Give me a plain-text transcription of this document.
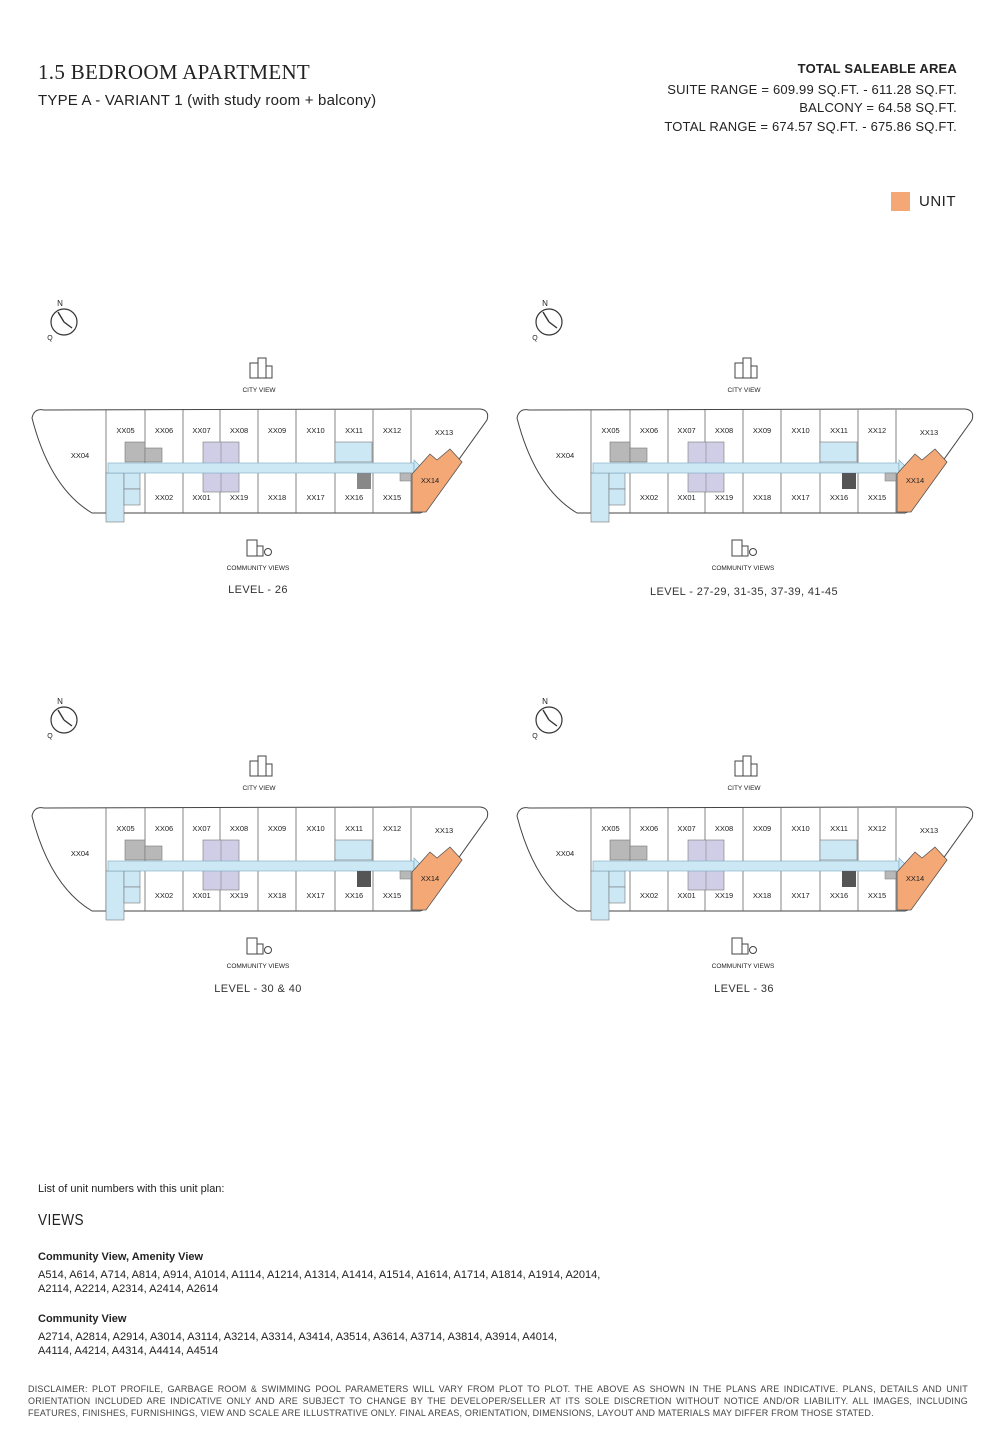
1.5 BEDROOM APARTMENT
TYPE A - VARIANT 1 (with study room + balcony)
TOTAL SALEABLE AREA
SUITE RANGE = 609.99 SQ.FT. - 611.28 SQ.FT.
BALCONY = 64.58 SQ.FT.
TOTAL RANGE = 674.57 SQ.FT. - 675.86 SQ.FT.
UNIT
N
Q
CITY VIEW
XX05	XX06	XX07	XX08	XX09	XX10	XX11	XX12	XX13
XX04
XX02	XX01	XX19	XX18	XX17	XX16	XX15
XX14
COMMUNITY VIEWS
N
Q
CITY VIEW
XX05	XX06	XX07	XX08	XX09	XX10	XX11	XX12	XX13
XX04
XX02	XX01	XX19	XX18	XX17	XX16	XX15
XX14
COMMUNITY VIEWS
N
Q
CITY VIEW
XX05	XX06	XX07	XX08	XX09	XX10	XX11	XX12	XX13
XX04
XX02	XX01	XX19	XX18	XX17	XX16	XX15
XX14
COMMUNITY VIEWS
N
Q
CITY VIEW
XX05	XX06	XX07	XX08	XX09	XX10	XX11	XX12	XX13
XX04
XX02	XX01	XX19	XX18	XX17	XX16	XX15
XX14
COMMUNITY VIEWS
LEVEL - 26	LEVEL - 27-29, 31-35, 37-39, 41-45
LEVEL - 30 & 40	LEVEL - 36
List of unit numbers with this unit plan:
VIEWS
Community View, Amenity View
A514, A614, A714, A814, A914, A1014, A1114, A1214, A1314, A1414, A1514, A1614, A1714, A1814, A1914, A2014,
A2114, A2214, A2314, A2414, A2614
Community View
A2714, A2814, A2914, A3014, A3114, A3214, A3314, A3414, A3514, A3614, A3714, A3814, A3914, A4014,
A4114, A4214, A4314, A4414, A4514
DISCLAIMER: PLOT PROFILE, GARBAGE ROOM & SWIMMING POOL PARAMETERS WILL VARY FROM PLOT TO PLOT. THE ABOVE AS SHOWN IN THE PLANS ARE INDICATIVE. PLANS, DETAILS AND UNIT ORIENTATION INCLUDED ARE INDICATIVE ONLY AND ARE SUBJECT TO CHANGE BY THE DEVELOPER/SELLER AT ITS SOLE DISCRETION WITHOUT NOTICE AND/OR LIABILITY. ALL IMAGES, INCLUDING FEATURES, FINISHES, FURNISHINGS, VIEW AND SCALE ARE ILLUSTRATIVE ONLY. FINAL AREAS, ORIENTATION, DIMENSIONS, LAYOUT AND MATERIALS MAY DIFFER FROM THOSE STATED.
